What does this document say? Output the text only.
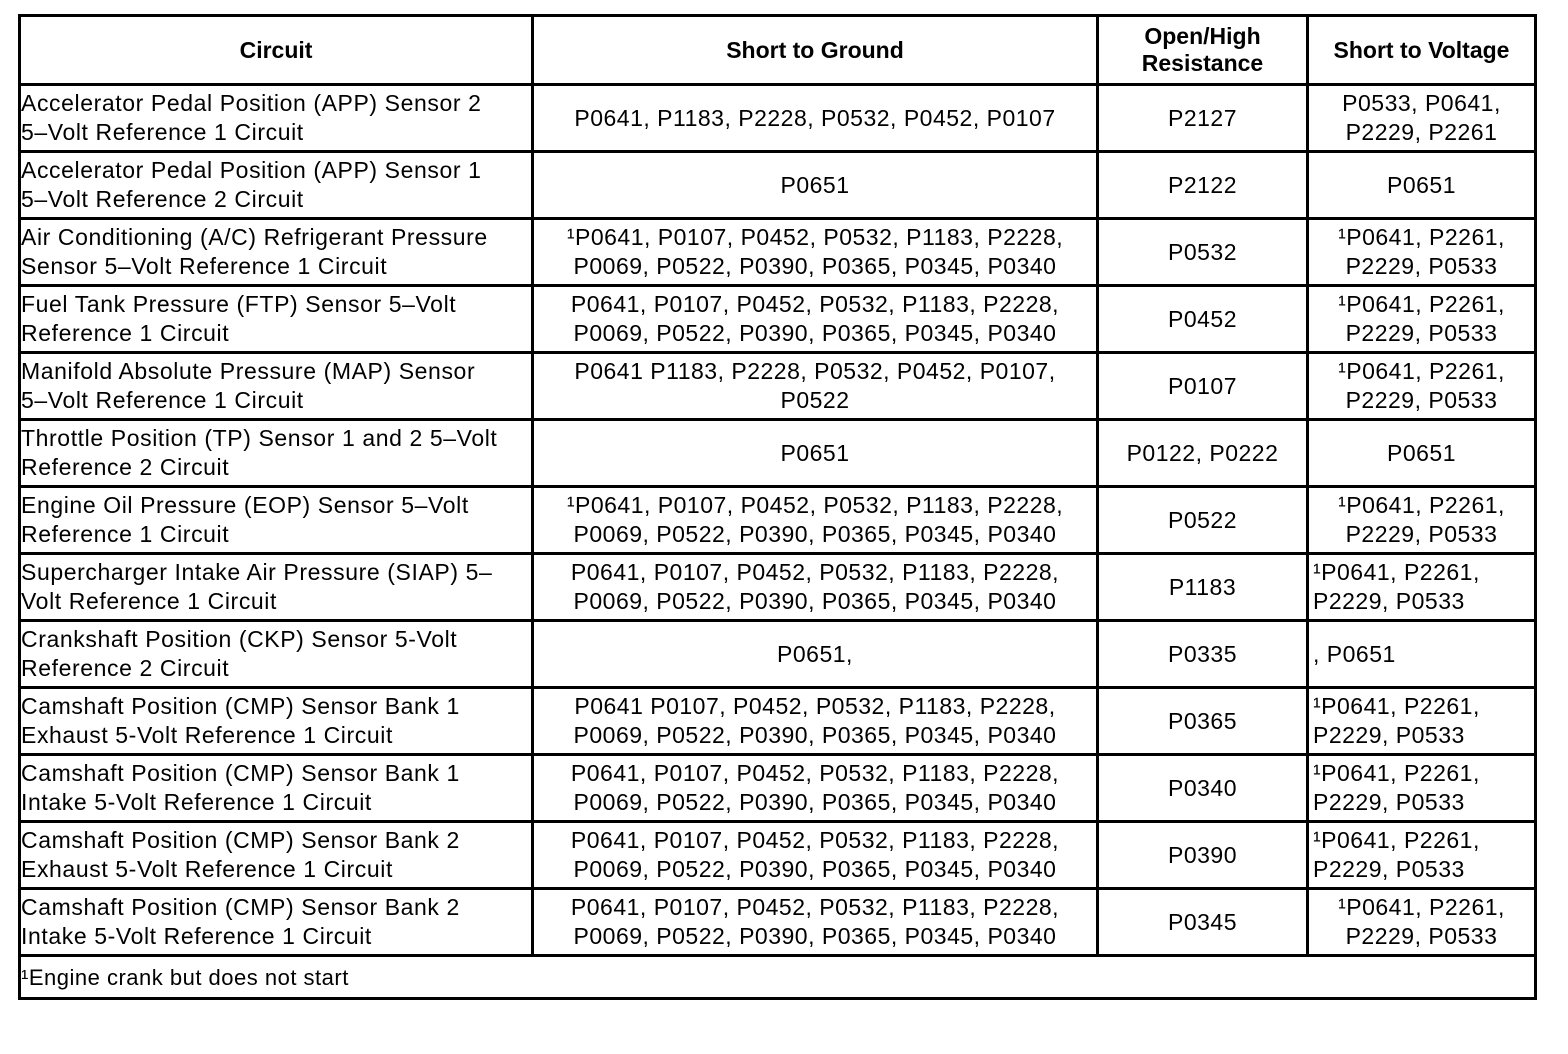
Circuit	Short to Ground	Open/High
Resistance	Short to Voltage
Accelerator Pedal Position (APP) Sensor 2
5–Volt Reference 1 Circuit	P0641, P1183, P2228, P0532, P0452, P0107	P2127	P0533, P0641,
P2229, P2261
Accelerator Pedal Position (APP) Sensor 1
5–Volt Reference 2 Circuit	P0651	P2122	P0651
Air Conditioning (A/C) Refrigerant Pressure
Sensor 5–Volt Reference 1 Circuit	¹P0641, P0107, P0452, P0532, P1183, P2228,
P0069, P0522, P0390, P0365, P0345, P0340	P0532	¹P0641, P2261,
P2229, P0533
Fuel Tank Pressure (FTP) Sensor 5–Volt
Reference 1 Circuit	P0641, P0107, P0452, P0532, P1183, P2228,
P0069, P0522, P0390, P0365, P0345, P0340	P0452	¹P0641, P2261,
P2229, P0533
Manifold Absolute Pressure (MAP) Sensor
5–Volt Reference 1 Circuit	P0641 P1183, P2228, P0532, P0452, P0107,
P0522	P0107	¹P0641, P2261,
P2229, P0533
Throttle Position (TP) Sensor 1 and 2 5–Volt
Reference 2 Circuit	P0651	P0122, P0222	P0651
Engine Oil Pressure (EOP) Sensor 5–Volt
Reference 1 Circuit	¹P0641, P0107, P0452, P0532, P1183, P2228,
P0069, P0522, P0390, P0365, P0345, P0340	P0522	¹P0641, P2261,
P2229, P0533
Supercharger Intake Air Pressure (SIAP) 5–
Volt Reference 1 Circuit	P0641, P0107, P0452, P0532, P1183, P2228,
P0069, P0522, P0390, P0365, P0345, P0340	P1183	¹P0641, P2261,
P2229, P0533
Crankshaft Position (CKP) Sensor 5-Volt
Reference 2 Circuit	P0651,	P0335	, P0651
Camshaft Position (CMP) Sensor Bank 1
Exhaust 5-Volt Reference 1 Circuit	P0641 P0107, P0452, P0532, P1183, P2228,
P0069, P0522, P0390, P0365, P0345, P0340	P0365	¹P0641, P2261,
P2229, P0533
Camshaft Position (CMP) Sensor Bank 1
Intake 5-Volt Reference 1 Circuit	P0641, P0107, P0452, P0532, P1183, P2228,
P0069, P0522, P0390, P0365, P0345, P0340	P0340	¹P0641, P2261,
P2229, P0533
Camshaft Position (CMP) Sensor Bank 2
Exhaust 5-Volt Reference 1 Circuit	P0641, P0107, P0452, P0532, P1183, P2228,
P0069, P0522, P0390, P0365, P0345, P0340	P0390	¹P0641, P2261,
P2229, P0533
Camshaft Position (CMP) Sensor Bank 2
Intake 5-Volt Reference 1 Circuit	P0641, P0107, P0452, P0532, P1183, P2228,
P0069, P0522, P0390, P0365, P0345, P0340	P0345	¹P0641, P2261,
P2229, P0533
¹Engine crank but does not start			
